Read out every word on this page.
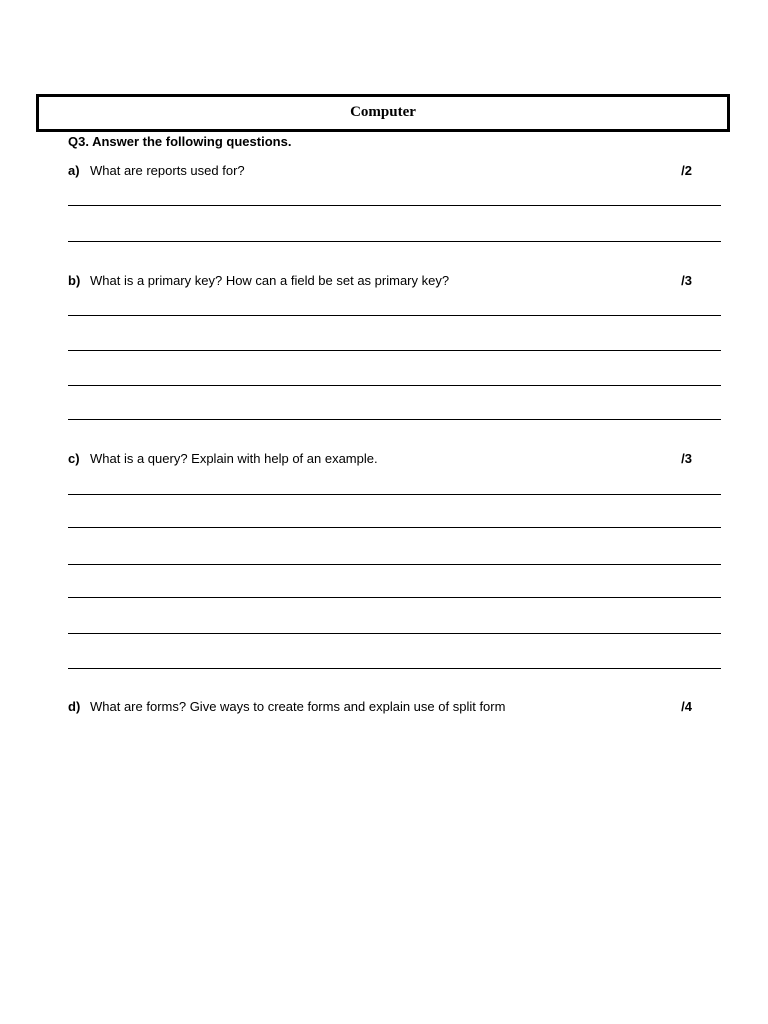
Computer
Q3. Answer the following questions.
a) What are reports used for?	/2
b) What is a primary key? How can a field be set as primary key?	/3
c) What is a query? Explain with help of an example.	/3
d) What are forms? Give ways to create forms and explain use of split form	/4
